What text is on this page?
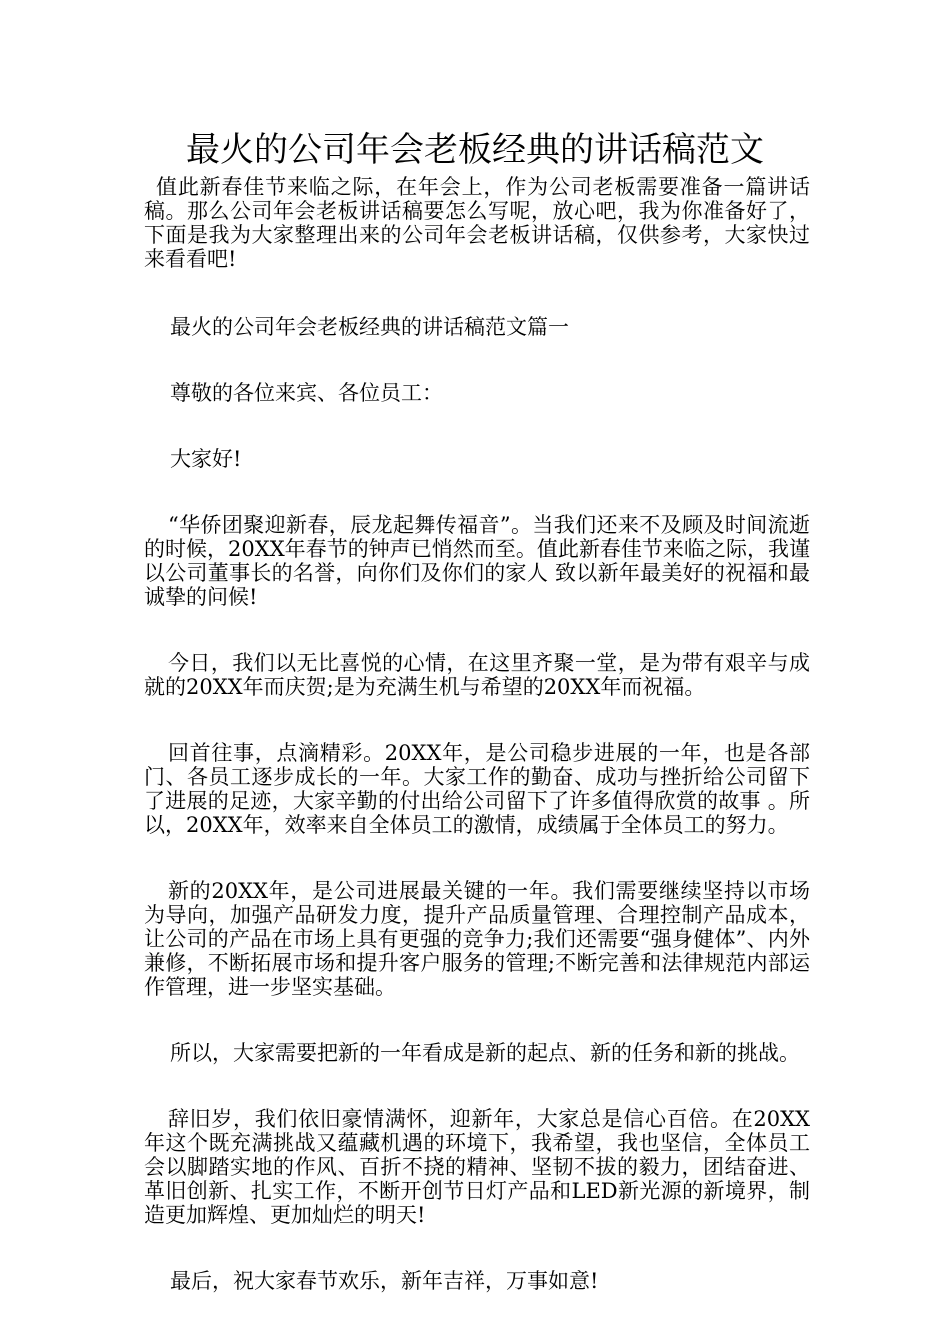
最火的公司年会老板经典的讲话稿范文

值此新春佳节来临之际，在年会上，作为公司老板需要准备一篇讲话稿。那么公司年会老板讲话稿要怎么写呢，放心吧，我为你准备好了，下面是我为大家整理出来的公司年会老板讲话稿，仅供参考，大家快过来看看吧!

最火的公司年会老板经典的讲话稿范文篇一

尊敬的各位来宾、各位员工：

大家好!

“华侨团聚迎新春，辰龙起舞传福音”。当我们还来不及顾及时间流逝的时候，20XX年春节的钟声已悄然而至。值此新春佳节来临之际，我谨以公司董事长的名誉，向你们及你们的家人 致以新年最美好的祝福和最诚挚的问候!

今日，我们以无比喜悦的心情，在这里齐聚一堂，是为带有艰辛与成就的20XX年而庆贺;是为充满生机与希望的20XX年而祝福。

回首往事，点滴精彩。20XX年，是公司稳步进展的一年，也是各部门、各员工逐步成长的一年。大家工作的勤奋、成功与挫折给公司留下了进展的足迹，大家辛勤的付出给公司留下了许多值得欣赏的故事 。所以，20XX年，效率来自全体员工的激情，成绩属于全体员工的努力。

新的20XX年，是公司进展最关键的一年。我们需要继续坚持以市场为导向，加强产品研发力度，提升产品质量管理、合理控制产品成本，让公司的产品在市场上具有更强的竞争力;我们还需要“强身健体”、内外兼修，不断拓展市场和提升客户服务的管理;不断完善和法律规范内部运作管理，进一步坚实基础。

所以，大家需要把新的一年看成是新的起点、新的任务和新的挑战。

辞旧岁，我们依旧豪情满怀，迎新年，大家总是信心百倍。在20XX年这个既充满挑战又蕴藏机遇的环境下，我希望，我也坚信，全体员工会以脚踏实地的作风、百折不挠的精神、坚韧不拔的毅力，团结奋进、革旧创新、扎实工作，不断开创节日灯产品和LED新光源的新境界，制造更加辉煌、更加灿烂的明天!

最后，祝大家春节欢乐，新年吉祥，万事如意!
